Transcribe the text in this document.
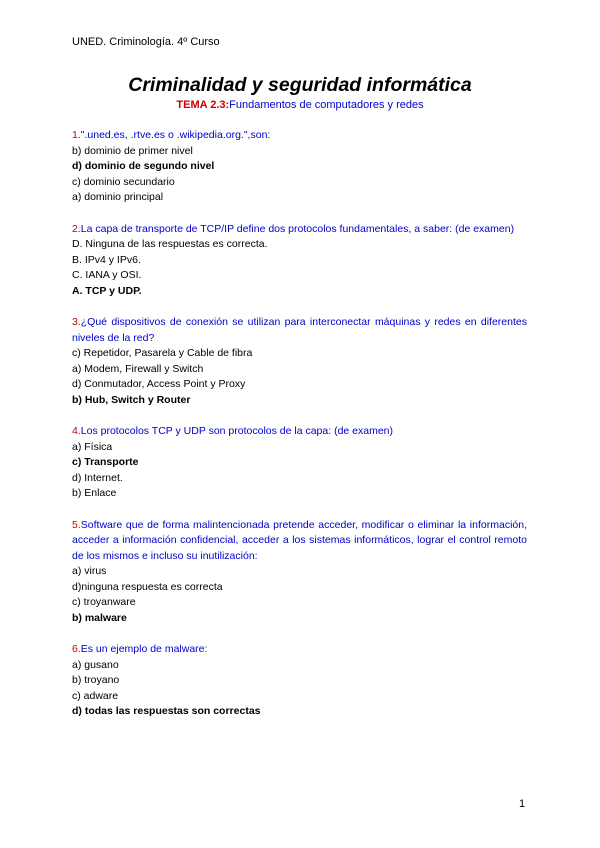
UNED. Criminología. 4º Curso
Criminalidad y seguridad informática
TEMA 2.3:Fundamentos de computadores y redes
1.".uned.es, .rtve.es o .wikipedia.org.",son:
b) dominio de primer nivel
d) dominio de segundo nivel
c) dominio secundario
a) dominio principal
2.La capa de transporte de TCP/IP define dos protocolos fundamentales, a saber: (de examen)
D. Ninguna de las respuestas es correcta.
B. IPv4 y IPv6.
C. IANA y OSI.
A. TCP y UDP.
3.¿Qué dispositivos de conexión se utilizan para interconectar máquinas y redes en diferentes niveles de la red?
c) Repetidor, Pasarela y Cable de fibra
a) Modem, Firewall y Switch
d) Conmutador, Access Point y Proxy
b) Hub, Switch y Router
4.Los protocolos TCP y UDP son protocolos de la capa: (de examen)
a) Física
c) Transporte
d) Internet.
b) Enlace
5.Software que de forma malintencionada pretende acceder, modificar o eliminar la información, acceder a información confidencial, acceder a los sistemas informáticos, lograr el control remoto de los mismos e incluso su inutilización:
a) virus
d)ninguna respuesta es correcta
c) troyanware
b) malware
6.Es un ejemplo de malware:
a) gusano
b) troyano
c) adware
d) todas las respuestas son correctas
1
